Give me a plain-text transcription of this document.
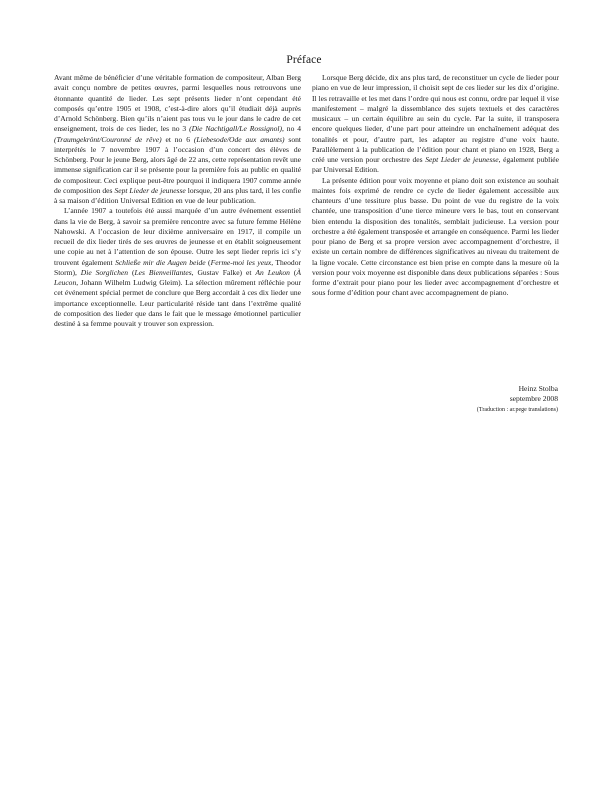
Préface

Avant même de bénéficier d’une véritable formation de compositeur, Alban Berg avait conçu nombre de petites œuvres, parmi lesquelles nous retrouvons une étonnante quantité de lieder. Les sept présents lieder n’ont cependant été composés qu’entre 1905 et 1908, c’est-à-dire alors qu’il étudiait déjà auprès d’Arnold Schönberg. Bien qu’ils n’aient pas tous vu le jour dans le cadre de cet enseignement, trois de ces lieder, les no 3 (Die Nachtigall/Le Rossignol), no 4 (Traumgekrönt/Couronné de rêve) et no 6 (Liebesode/Ode aux amants) sont interprétés le 7 novembre 1907 à l’occasion d’un concert des élèves de Schönberg. Pour le jeune Berg, alors âgé de 22 ans, cette représentation revêt une immense signification car il se présente pour la première fois au public en qualité de compositeur. Ceci explique peut-être pourquoi il indiquera 1907 comme année de composition des Sept Lieder de jeunesse lorsque, 20 ans plus tard, il les confie à sa maison d’édition Universal Edition en vue de leur publication.

L’année 1907 a toutefois été aussi marquée d’un autre événement essentiel dans la vie de Berg, à savoir sa première rencontre avec sa future femme Hélène Nahowski. A l’occasion de leur dixième anniversaire en 1917, il compile un recueil de dix lieder tirés de ses œuvres de jeunesse et en établit soigneusement une copie au net à l’attention de son épouse. Outre les sept lieder repris ici s’y trouvent également Schließe mir die Augen beide (Ferme-moi les yeux, Theodor Storm), Die Sorglichen (Les Bienveillantes, Gustav Falke) et An Leukon (À Leucon, Johann Wilhelm Ludwig Gleim). La sélection mûrement réfléchie pour cet événement spécial permet de conclure que Berg accordait à ces dix lieder une importance exceptionnelle. Leur particularité réside tant dans l’extrême qualité de composition des lieder que dans le fait que le message émotionnel particulier destiné à sa femme pouvait y trouver son expression.

Lorsque Berg décide, dix ans plus tard, de reconstituer un cycle de lieder pour piano en vue de leur impression, il choisit sept de ces lieder sur les dix d’origine. Il les retravaille et les met dans l’ordre qui nous est connu, ordre par lequel il vise manifestement – malgré la dissemblance des sujets textuels et des caractères musicaux – un certain équilibre au sein du cycle. Par la suite, il transposera encore quelques lieder, d’une part pour atteindre un enchaînement adéquat des tonalités et pour, d’autre part, les adapter au registre d’une voix haute. Parallèlement à la publication de l’édition pour chant et piano en 1928, Berg a créé une version pour orchestre des Sept Lieder de jeunesse, également publiée par Universal Edition.

La présente édition pour voix moyenne et piano doit son existence au souhait maintes fois exprimé de rendre ce cycle de lieder également accessible aux chanteurs d’une tessiture plus basse. Du point de vue du registre de la voix chantée, une transposition d’une tierce mineure vers le bas, tout en conservant bien entendu la disposition des tonalités, semblait judicieuse. La version pour orchestre a été également transposée et arrangée en conséquence. Parmi les lieder pour piano de Berg et sa propre version avec accompagnement d’orchestre, il existe un certain nombre de différences significatives au niveau du traitement de la ligne vocale. Cette circonstance est bien prise en compte dans la mesure où la version pour voix moyenne est disponible dans deux publications séparées : Sous forme d’extrait pour piano pour les lieder avec accompagnement d’orchestre et sous forme d’édition pour chant avec accompagnement de piano.

Heinz Stolba
septembre 2008
(Traduction : ar.pege translations)
